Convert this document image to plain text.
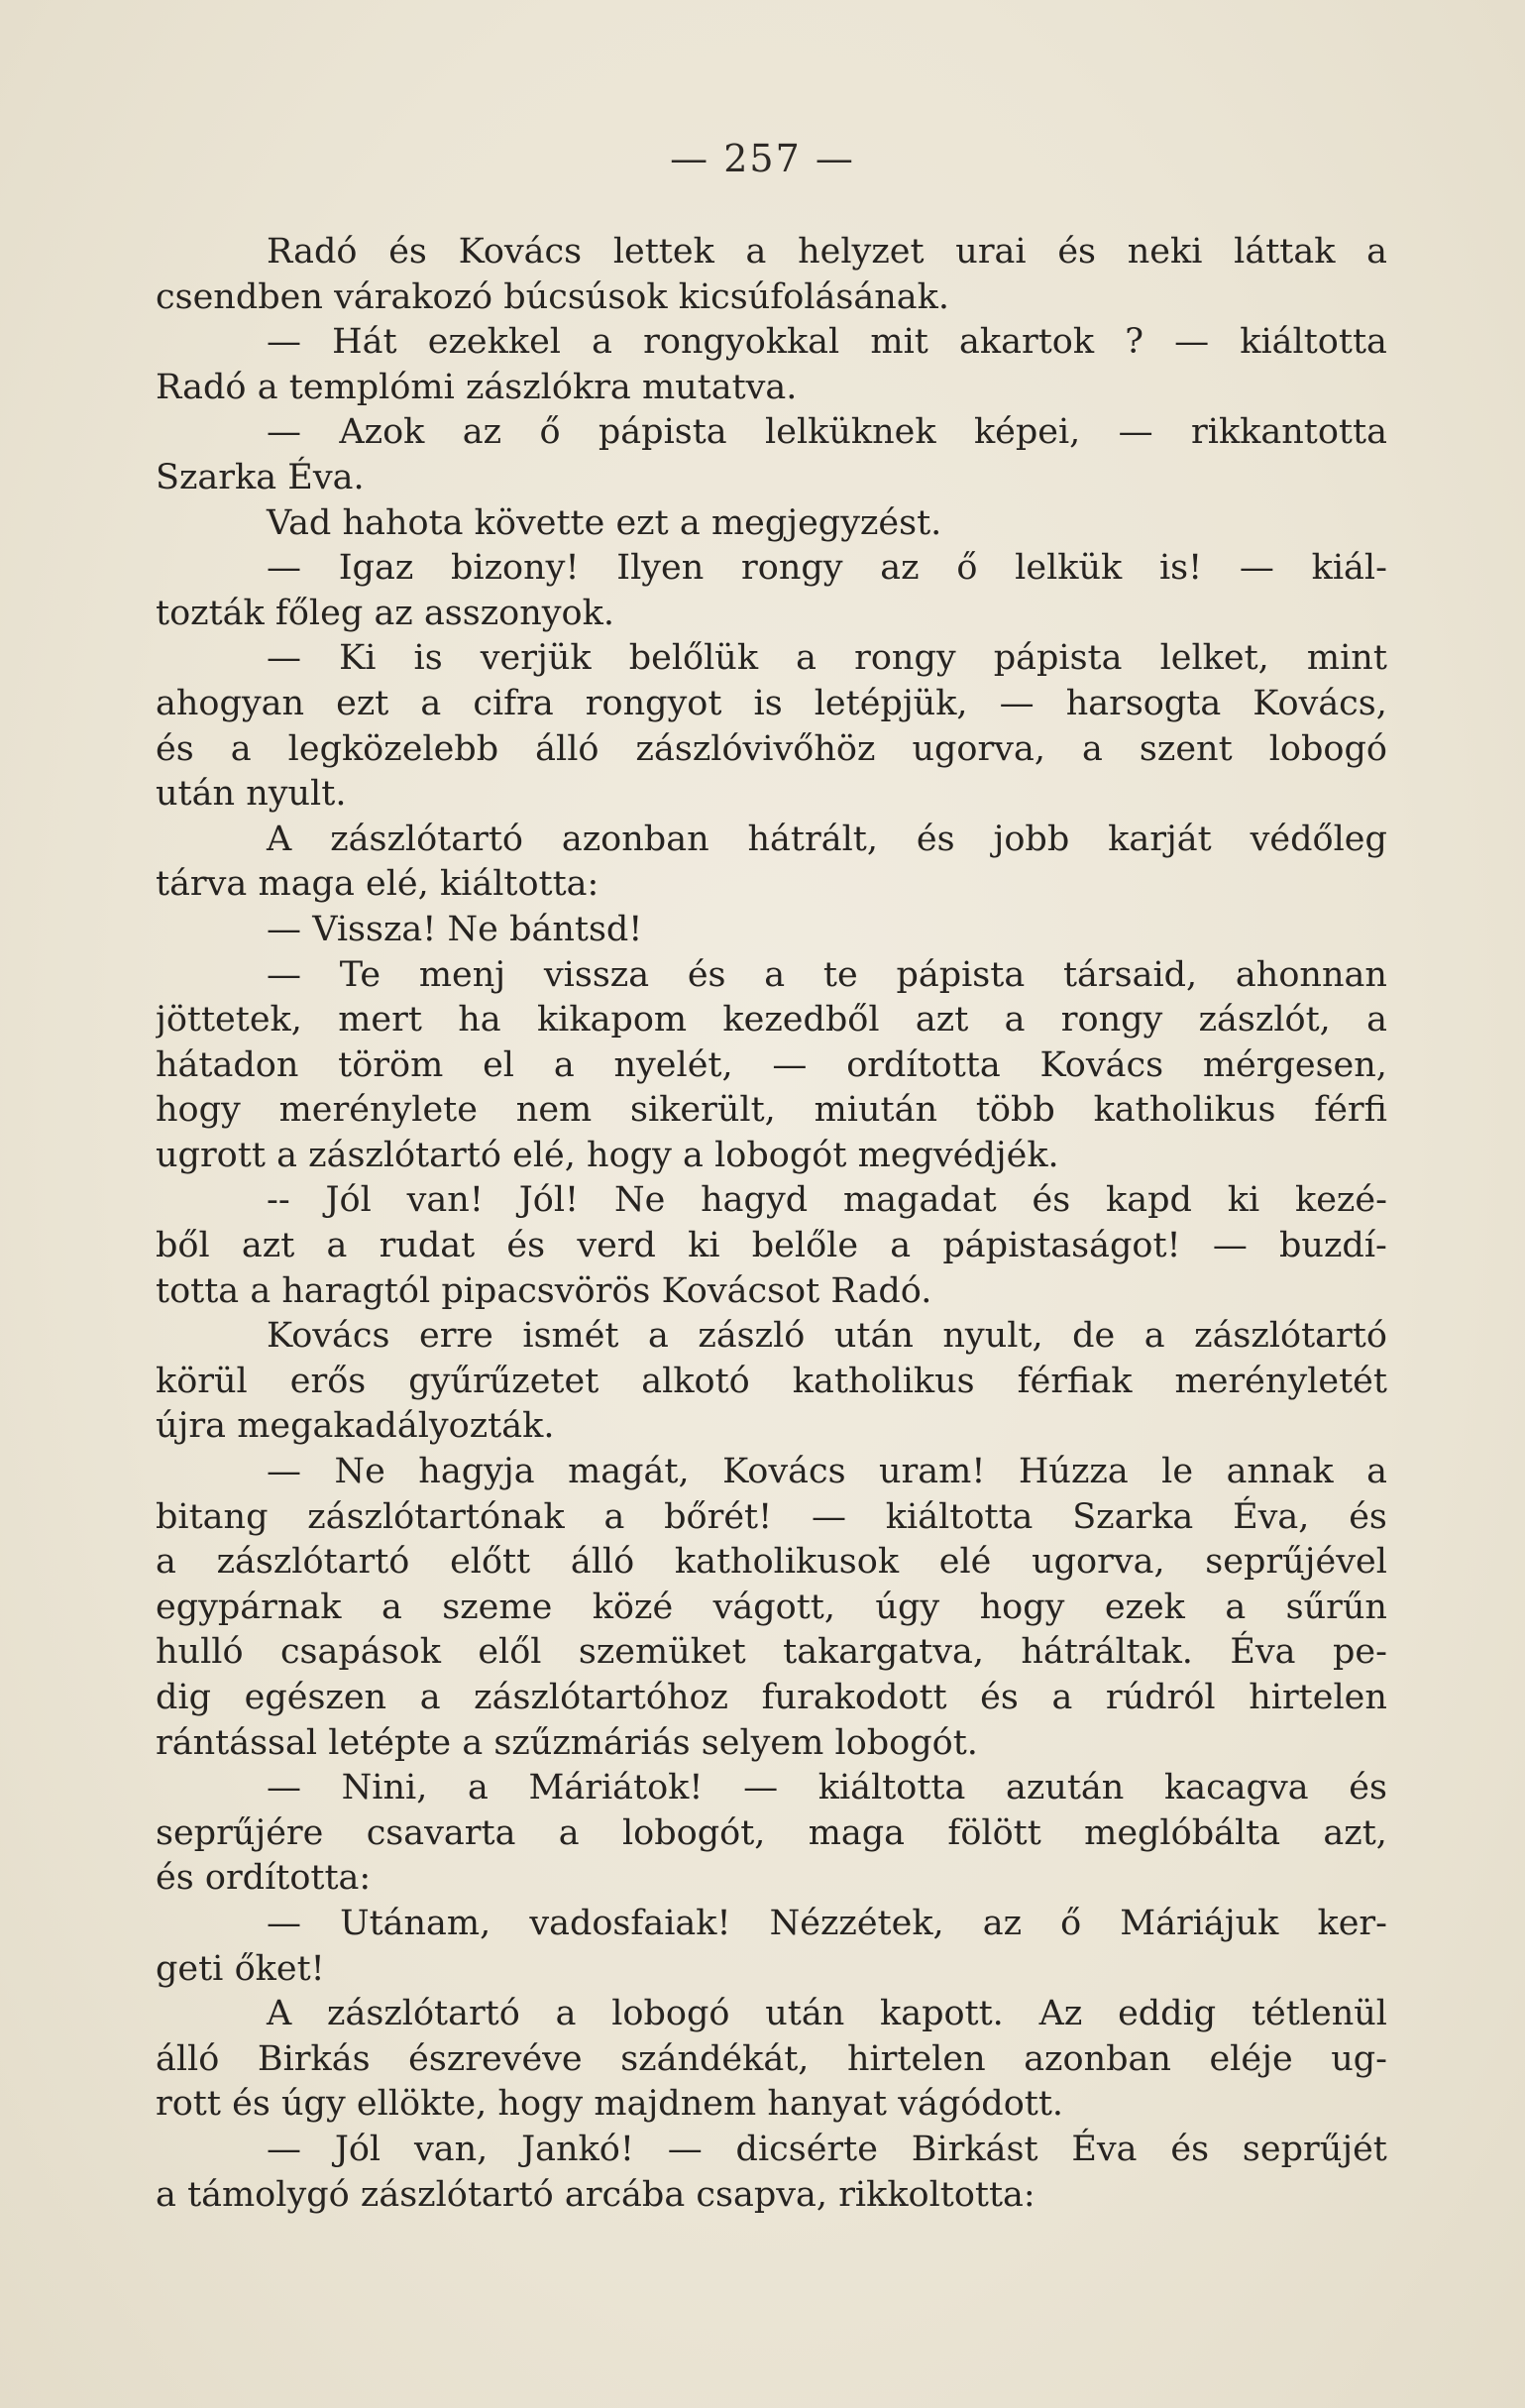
— 257 —
Radó és Kovács lettek a helyzet urai és neki láttak a
csendben várakozó búcsúsok kicsúfolásának.
— Hát ezekkel a rongyokkal mit akartok ? — kiáltotta
Radó a templómi zászlókra mutatva.
— Azok az ő pápista lelküknek képei, — rikkantotta
Szarka Éva.
Vad hahota követte ezt a megjegyzést.
— Igaz bizony! Ilyen rongy az ő lelkük is! — kiál-
tozták főleg az asszonyok.
— Ki is verjük belőlük a rongy pápista lelket, mint
ahogyan ezt a cifra rongyot is letépjük, — harsogta Kovács,
és a legközelebb álló zászlóvivőhöz ugorva, a szent lobogó
után nyult.
A zászlótartó azonban hátrált, és jobb karját védőleg
tárva maga elé, kiáltotta:
— Vissza! Ne bántsd!
— Te menj vissza és a te pápista társaid, ahonnan
jöttetek, mert ha kikapom kezedből azt a rongy zászlót, a
hátadon töröm el a nyelét, — ordította Kovács mérgesen,
hogy merénylete nem sikerült, miután több katholikus férfi
ugrott a zászlótartó elé, hogy a lobogót megvédjék.
-- Jól van! Jól! Ne hagyd magadat és kapd ki kezé-
ből azt a rudat és verd ki belőle a pápistaságot! — buzdí-
totta a haragtól pipacsvörös Kovácsot Radó.
Kovács erre ismét a zászló után nyult, de a zászlótartó
körül erős gyűrűzetet alkotó katholikus férfiak merényletét
újra megakadályozták.
— Ne hagyja magát, Kovács uram! Húzza le annak a
bitang zászlótartónak a bőrét! — kiáltotta Szarka Éva, és
a zászlótartó előtt álló katholikusok elé ugorva, seprűjével
egypárnak a szeme közé vágott, úgy hogy ezek a sűrűn
hulló csapások elől szemüket takargatva, hátráltak. Éva pe-
dig egészen a zászlótartóhoz furakodott és a rúdról hirtelen
rántással letépte a szűzmáriás selyem lobogót.
— Nini, a Máriátok! — kiáltotta azután kacagva és
seprűjére csavarta a lobogót, maga fölött meglóbálta azt,
és ordította:
— Utánam, vadosfaiak! Nézzétek, az ő Máriájuk ker-
geti őket!
A zászlótartó a lobogó után kapott. Az eddig tétlenül
álló Birkás észrevéve szándékát, hirtelen azonban eléje ug-
rott és úgy ellökte, hogy majdnem hanyat vágódott.
— Jól van, Jankó! — dicsérte Birkást Éva és seprűjét
a támolygó zászlótartó arcába csapva, rikkoltotta:
